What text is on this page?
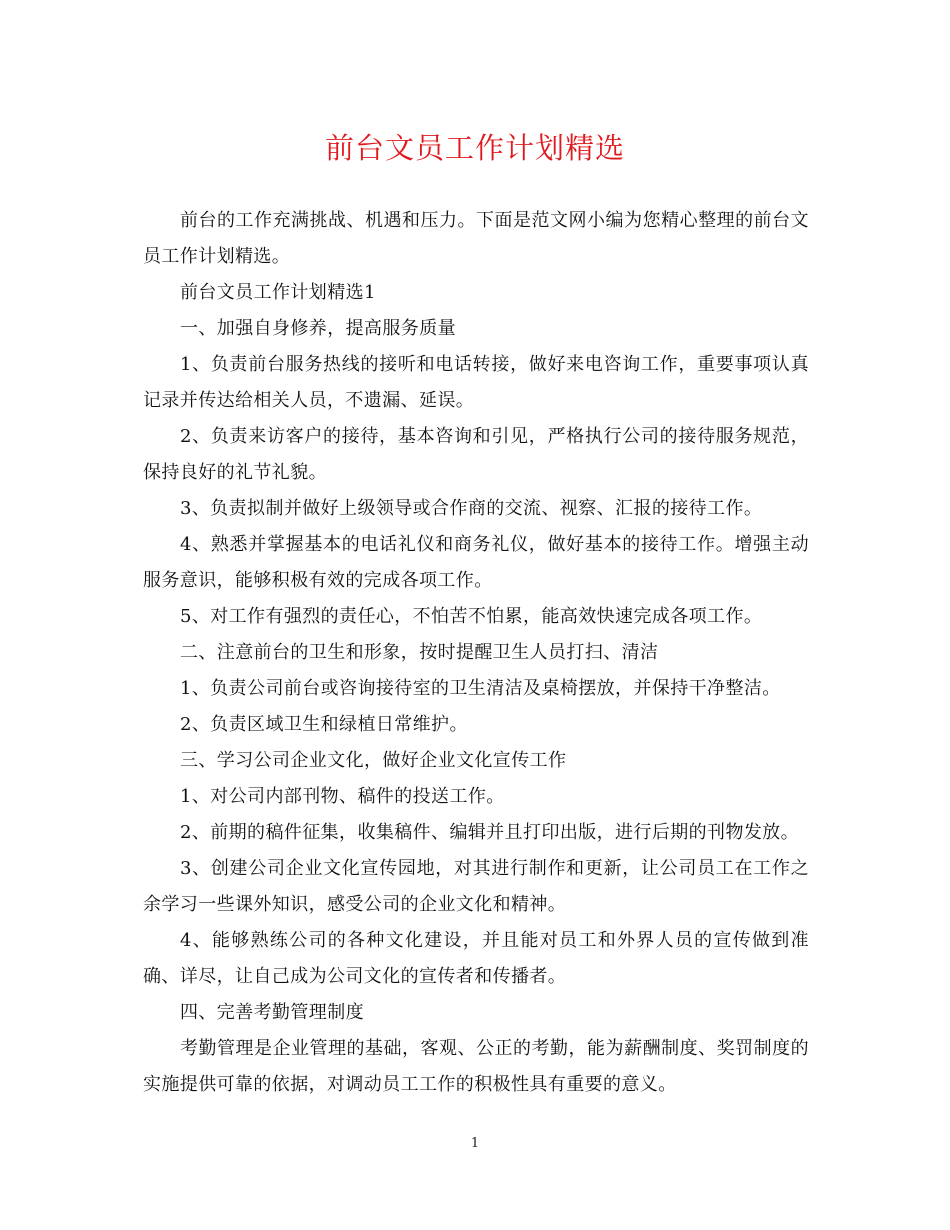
前台文员工作计划精选

前台的工作充满挑战、机遇和压力。下面是范文网小编为您精心整理的前台文员工作计划精选。

前台文员工作计划精选1

一、加强自身修养，提高服务质量

1、负责前台服务热线的接听和电话转接，做好来电咨询工作，重要事项认真记录并传达给相关人员，不遗漏、延误。

2、负责来访客户的接待，基本咨询和引见，严格执行公司的接待服务规范，保持良好的礼节礼貌。

3、负责拟制并做好上级领导或合作商的交流、视察、汇报的接待工作。

4、熟悉并掌握基本的电话礼仪和商务礼仪，做好基本的接待工作。增强主动服务意识，能够积极有效的完成各项工作。

5、对工作有强烈的责任心，不怕苦不怕累，能高效快速完成各项工作。

二、注意前台的卫生和形象，按时提醒卫生人员打扫、清洁

1、负责公司前台或咨询接待室的卫生清洁及桌椅摆放，并保持干净整洁。

2、负责区域卫生和绿植日常维护。

三、学习公司企业文化，做好企业文化宣传工作

1、对公司内部刊物、稿件的投送工作。

2、前期的稿件征集，收集稿件、编辑并且打印出版，进行后期的刊物发放。

3、创建公司企业文化宣传园地，对其进行制作和更新，让公司员工在工作之余学习一些课外知识，感受公司的企业文化和精神。

4、能够熟练公司的各种文化建设，并且能对员工和外界人员的宣传做到准确、详尽，让自己成为公司文化的宣传者和传播者。

四、完善考勤管理制度

考勤管理是企业管理的基础，客观、公正的考勤，能为薪酬制度、奖罚制度的实施提供可靠的依据，对调动员工工作的积极性具有重要的意义。

1
